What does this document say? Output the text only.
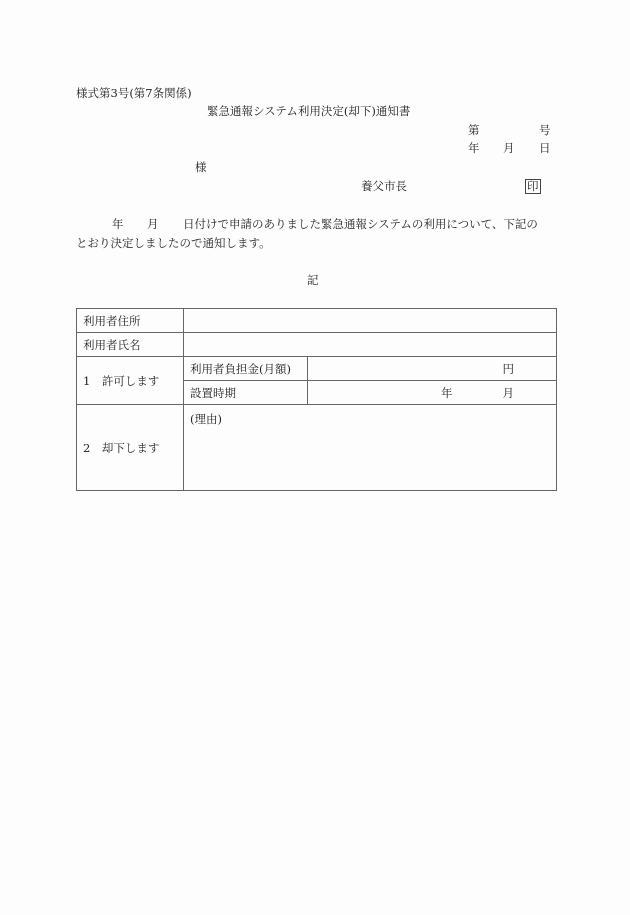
様式第3号(第7条関係)
緊急通報システム利用決定(却下)通知書
第	号
年 月 日
様
養父市長	印
年 月 日付けで申請のありました緊急通報システムの利用について、下記の
とおり決定しましたので通知します。
記
利用者住所		
利用者氏名		
1　許可します	利用者負担金(月額)	円

	設置時期	年 月

2　却下します	(理由)	
